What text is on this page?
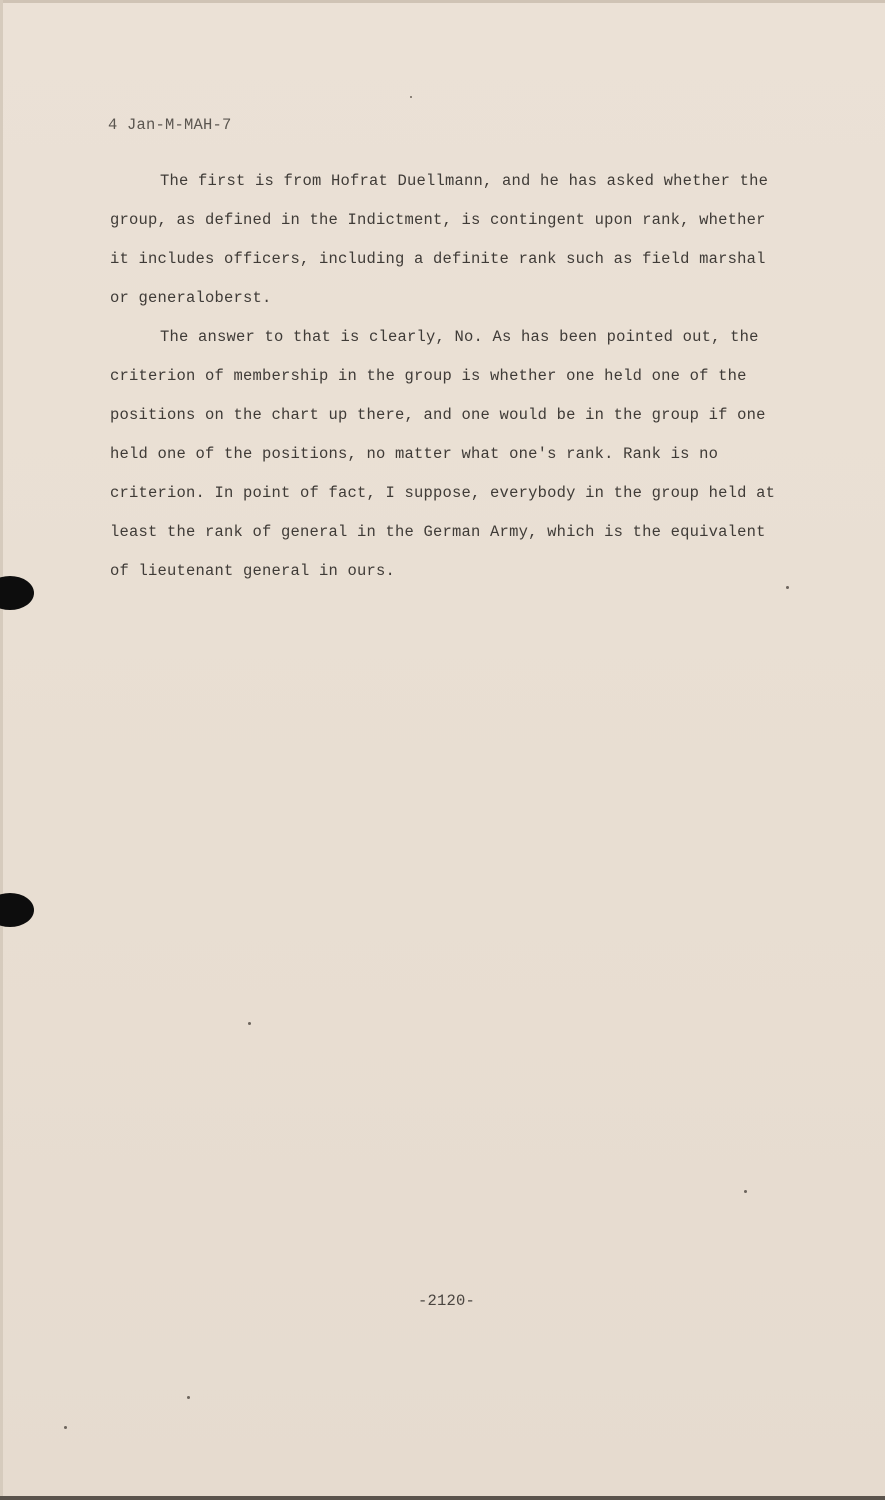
4 Jan-M-MAH-7
The first is from Hofrat Duellmann, and he has asked whether the
group, as defined in the Indictment, is contingent upon rank, whether
it includes officers, including a definite rank such as field marshal
or generaloberst.
The answer to that is clearly, No. As has been pointed out, the
criterion of membership in the group is whether one held one of the
positions on the chart up there, and one would be in the group if one
held one of the positions, no matter what one's rank. Rank is no
criterion. In point of fact, I suppose, everybody in the group held at
least the rank of general in the German Army, which is the equivalent
of lieutenant general in ours.
-2120-
